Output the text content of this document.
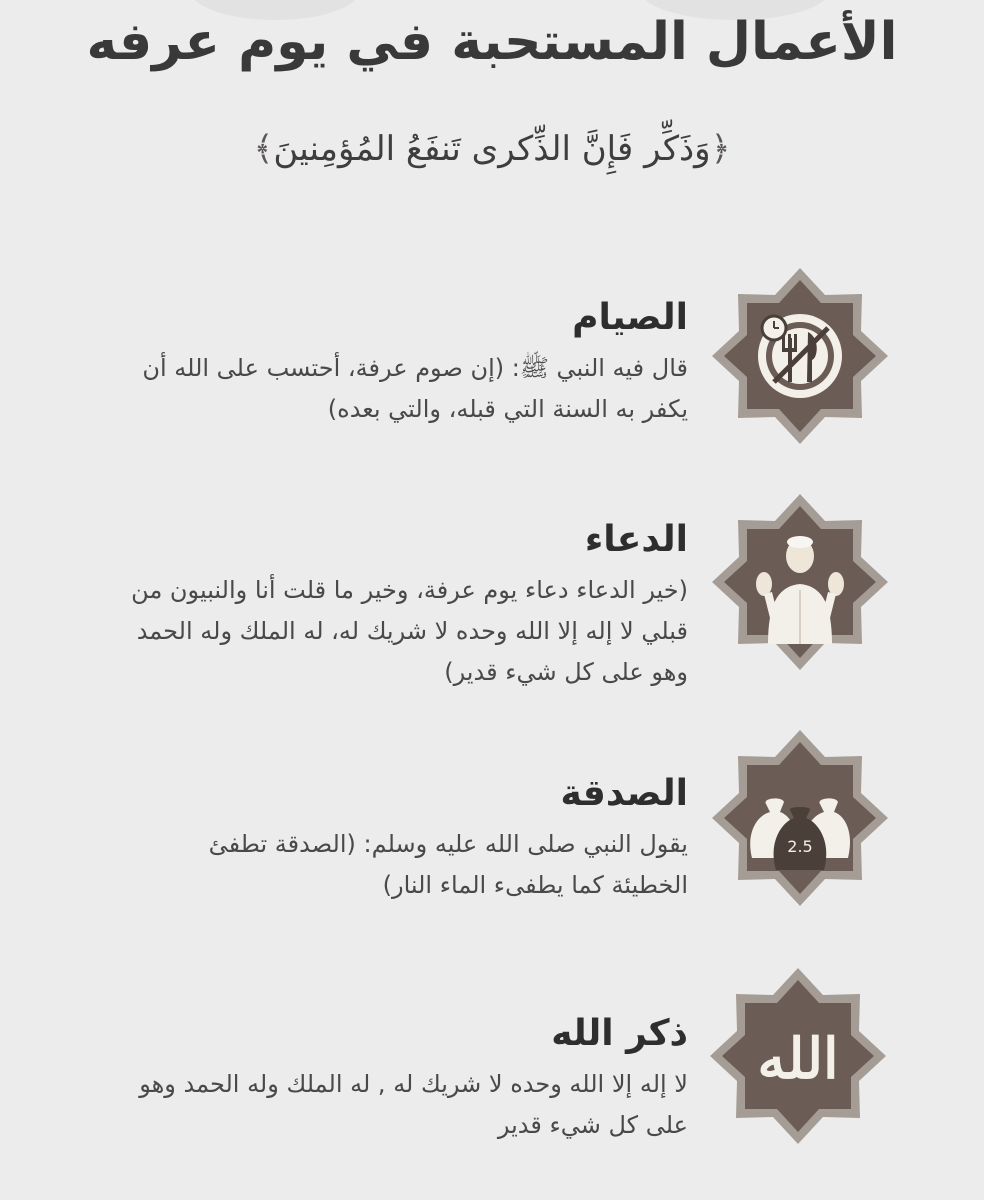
الأعمال المستحبة في يوم عرفه

﴿وَذَكِّر فَإِنَّ الذِّكرى تَنفَعُ المُؤمِنينَ﴾

الصيام

قال فيه النبي ﷺ: (إن صوم عرفة، أحتسب على الله أن يكفر به السنة التي قبله، والتي بعده)

الدعاء

(خير الدعاء دعاء يوم عرفة، وخير ما قلت أنا والنبيون من قبلي لا إله إلا الله وحده لا شريك له، له الملك وله الحمد وهو على كل شيء قدير)

2.5
الصدقة

يقول النبي صلى الله عليه وسلم: (الصدقة تطفئ الخطيئة كما يطفىء الماء النار)

الله
ذكر الله

لا إله إلا الله وحده لا شريك له , له الملك وله الحمد وهو على كل شيء قدير
